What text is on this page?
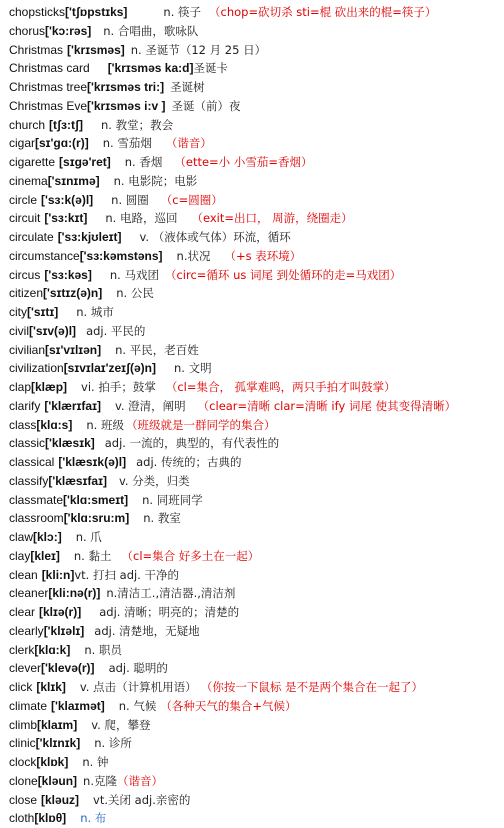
chopsticks['tʃɒpstɪks]	n. 筷子 （chop=砍切杀 sti=棍 砍出来的棍=筷子）
chorus['kɔ:rəs] n. 合唱曲，歌咏队
Christmas ['krɪsməs] n. 圣诞节（12 月 25 日）
Christmas card ['krɪsməs ka:d]圣诞卡
Christmas tree['krɪsməs tri:] 圣诞树
Christmas Eve['krɪsməs i:v ] 圣诞（前）夜
church [tʃɜ:tʃ] n. 教堂；教会
cigar[sɪ'gɑ:(r)] n. 雪茄烟 （谐音）
cigarette [sɪgə'ret] n. 香烟 （ette=小 小雪茄=香烟）
cinema['sɪnɪmə] n. 电影院；电影
circle ['sɜ:k(ə)l] n. 圆圈 （c=圆圈）
circuit ['sɜ:kɪt] n. 电路，巡回 （exit=出口， 周游，绕圈走）
circulate ['sɜ:kjʊleɪt] v. （液体或气体）环流，循环
circumstance['sɜ:kəmstəns] n.状况 （+s 表环境）
circus ['sɜ:kəs] n. 马戏团 （circ=循环 us 词尾 到处循环的走=马戏团）
citizen['sɪtɪz(ə)n] n. 公民
city['sɪtɪ] n. 城市
civil['sɪv(ə)l] adj. 平民的
civilian[sɪ'vɪlɪən] n. 平民，老百姓
civilization[sɪvɪlaɪ'zeɪʃ(ə)n] n. 文明
clap[klæp] vi. 拍手；鼓掌 （cl=集合， 孤掌难鸣，两只手拍才叫鼓掌）
clarify ['klærɪfaɪ] v. 澄清，阐明 （clear=清晰 clar=清晰 ify 词尾 使其变得清晰）
class[klɑ:s] n. 班级 （班级就是一群同学的集合）
classic['klæsɪk] adj. 一流的，典型的，有代表性的
classical ['klæsɪk(ə)l] adj. 传统的；古典的
classify['klæsɪfaɪ] v. 分类，归类
classmate['klɑ:smeɪt] n. 同班同学
classroom['klɑ:sru:m] n. 教室
claw[klɔ:] n. 爪
clay[kleɪ] n. 黏土 （cl=集合 好多土在一起）
clean [kli:n]vt. 打扫 adj. 干净的
cleaner[kli:nə(r)] n.清洁工.,清洁器.,清洁剂
clear [klɪə(r)] adj. 清晰；明亮的；清楚的
clearly['klɪəlɪ] adj. 清楚地，无疑地
clerk[klɑ:k] n. 职员
clever['klevə(r)] adj. 聪明的
click [klɪk] v. 点击（计算机用语） （你按一下鼠标 是不是两个集合在一起了）
climate ['klaɪmət] n. 气候 （各种天气的集合+气候）
climb[klaɪm] v. 爬，攀登
clinic['klɪnɪk] n. 诊所
clock[klɒk] n. 钟
clone[kləun] n.克隆（谐音）
close [kləuz] vt.关闭 adj.亲密的
cloth[klɒθ] n. 布
